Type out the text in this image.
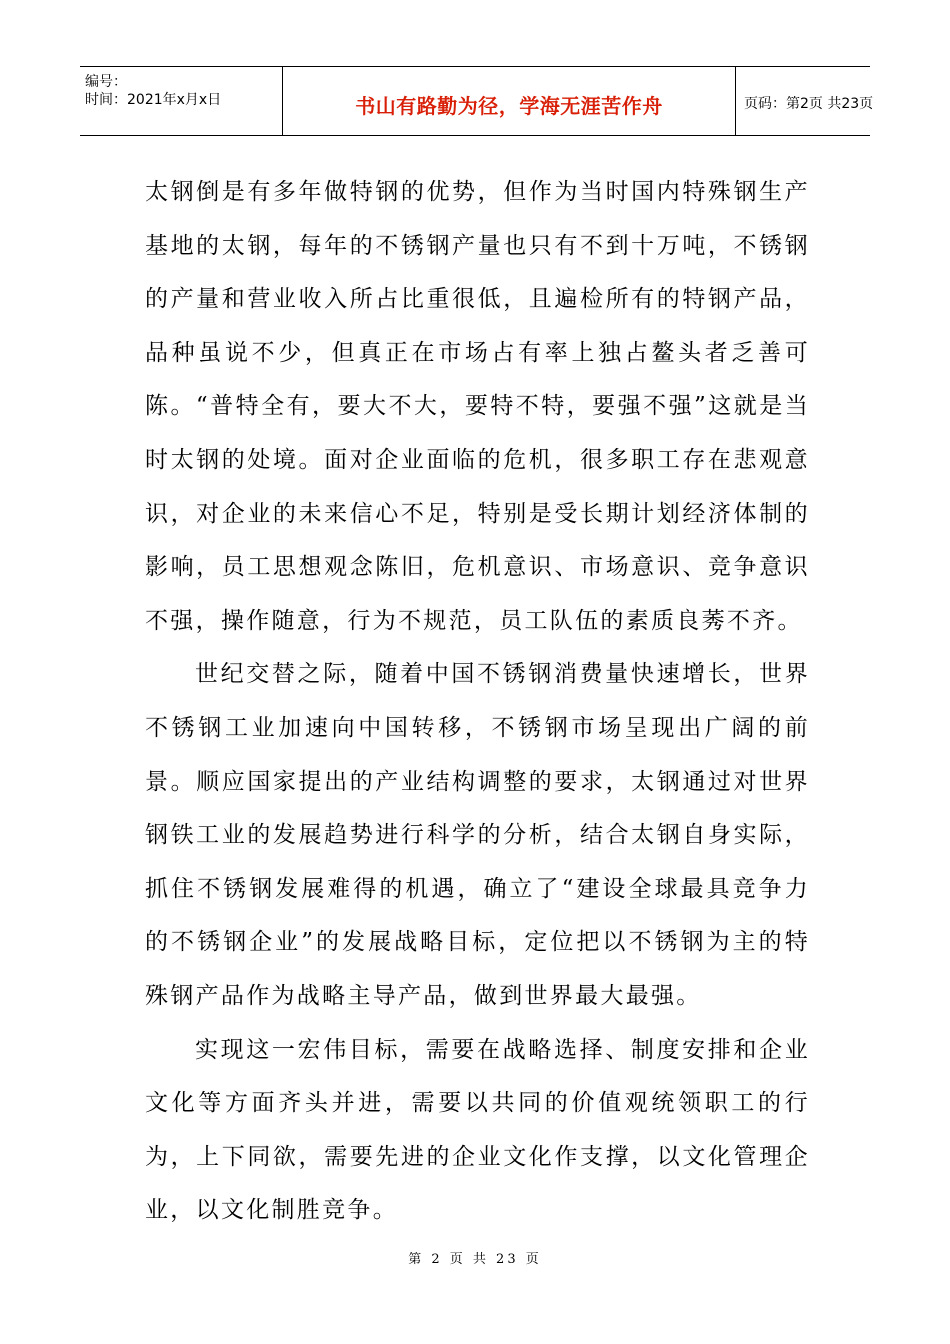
编号：
时间：2021年x月x日	书山有路勤为径，学海无涯苦作舟	页码：第2页 共23页

太钢倒是有多年做特钢的优势，但作为当时国内特殊钢生产基地的太钢，每年的不锈钢产量也只有不到十万吨，不锈钢的产量和营业收入所占比重很低，且遍检所有的特钢产品，品种虽说不少，但真正在市场占有率上独占鳌头者乏善可陈。“普特全有，要大不大，要特不特，要强不强”这就是当时太钢的处境。面对企业面临的危机，很多职工存在悲观意识，对企业的未来信心不足，特别是受长期计划经济体制的影响，员工思想观念陈旧，危机意识、市场意识、竞争意识不强，操作随意，行为不规范，员工队伍的素质良莠不齐。

世纪交替之际，随着中国不锈钢消费量快速增长，世界不锈钢工业加速向中国转移，不锈钢市场呈现出广阔的前景。顺应国家提出的产业结构调整的要求，太钢通过对世界钢铁工业的发展趋势进行科学的分析，结合太钢自身实际，抓住不锈钢发展难得的机遇，确立了“建设全球最具竞争力的不锈钢企业”的发展战略目标，定位把以不锈钢为主的特殊钢产品作为战略主导产品，做到世界最大最强。

实现这一宏伟目标，需要在战略选择、制度安排和企业文化等方面齐头并进，需要以共同的价值观统领职工的行为，上下同欲，需要先进的企业文化作支撑，以文化管理企业，以文化制胜竞争。

第 2 页 共 23 页
